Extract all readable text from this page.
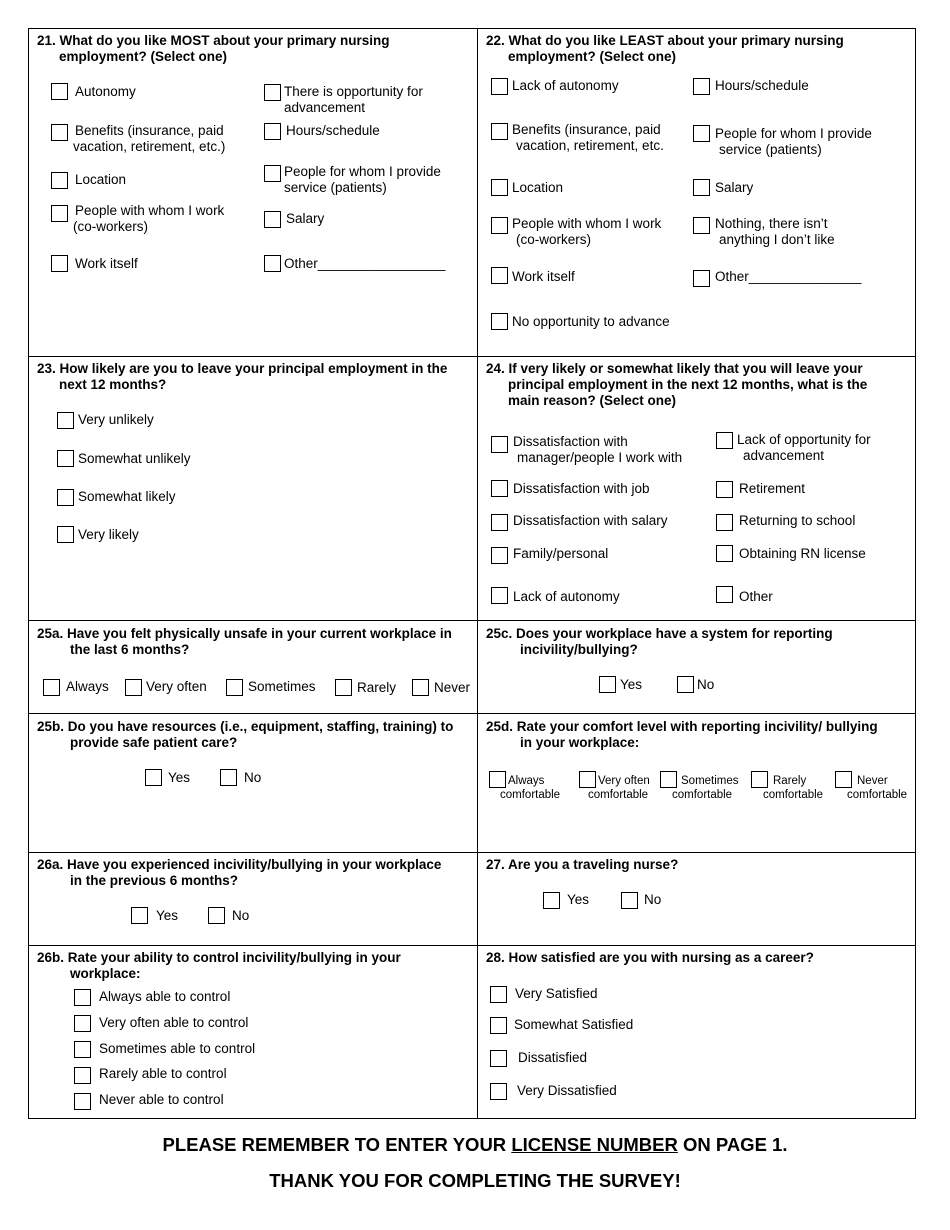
21. What do you like MOST about your primary nursing
employment? (Select one)
Autonomy	There is opportunity for
advancement
Benefits (insurance, paid
vacation, retirement, etc.)
Hours/schedule
Location
People for whom I provide
service (patients)
People with whom I work
(co-workers)
Salary
Work itself	Other_________________
22. What do you like LEAST about your primary nursing
employment? (Select one)
Lack of autonomy	Hours/schedule
Benefits (insurance, paid
vacation, retirement, etc.
People for whom I provide
service (patients)
Location	Salary
People with whom I work
(co-workers)
Nothing, there isn’t
anything I don’t like
Work itself	Other_______________
No opportunity to advance
23. How likely are you to leave your principal employment in the
next 12 months?
Very unlikely
Somewhat unlikely
Somewhat likely
Very likely
24. If very likely or somewhat likely that you will leave your
principal employment in the next 12 months, what is the
main reason? (Select one)
Dissatisfaction with
manager/people I work with
Lack of opportunity for
advancement
Dissatisfaction with job	Retirement
Dissatisfaction with salary	Returning to school
Family/personal	Obtaining RN license
Lack of autonomy	Other
25a. Have you felt physically unsafe in your current workplace in
the last 6 months?
Always	Very often	Sometimes	Rarely	Never
25c. Does your workplace have a system for reporting
incivility/bullying?
Yes	No
25b. Do you have resources (i.e., equipment, staffing, training) to
provide safe patient care?
Yes	No
25d. Rate your comfort level with reporting incivility/ bullying
in your workplace:
Always
comfortable
Very often
comfortable
Sometimes
comfortable
Rarely
comfortable
Never
comfortable
26a. Have you experienced incivility/bullying in your workplace
in the previous 6 months?
Yes	No
27. Are you a traveling nurse?
Yes	No
26b. Rate your ability to control incivility/bullying in your
workplace:
Always able to control
Very often able to control
Sometimes able to control
Rarely able to control
Never able to control
28. How satisfied are you with nursing as a career?
Very Satisfied
Somewhat Satisfied
Dissatisfied
Very Dissatisfied
PLEASE REMEMBER TO ENTER YOUR LICENSE NUMBER ON PAGE 1.
THANK YOU FOR COMPLETING THE SURVEY!
